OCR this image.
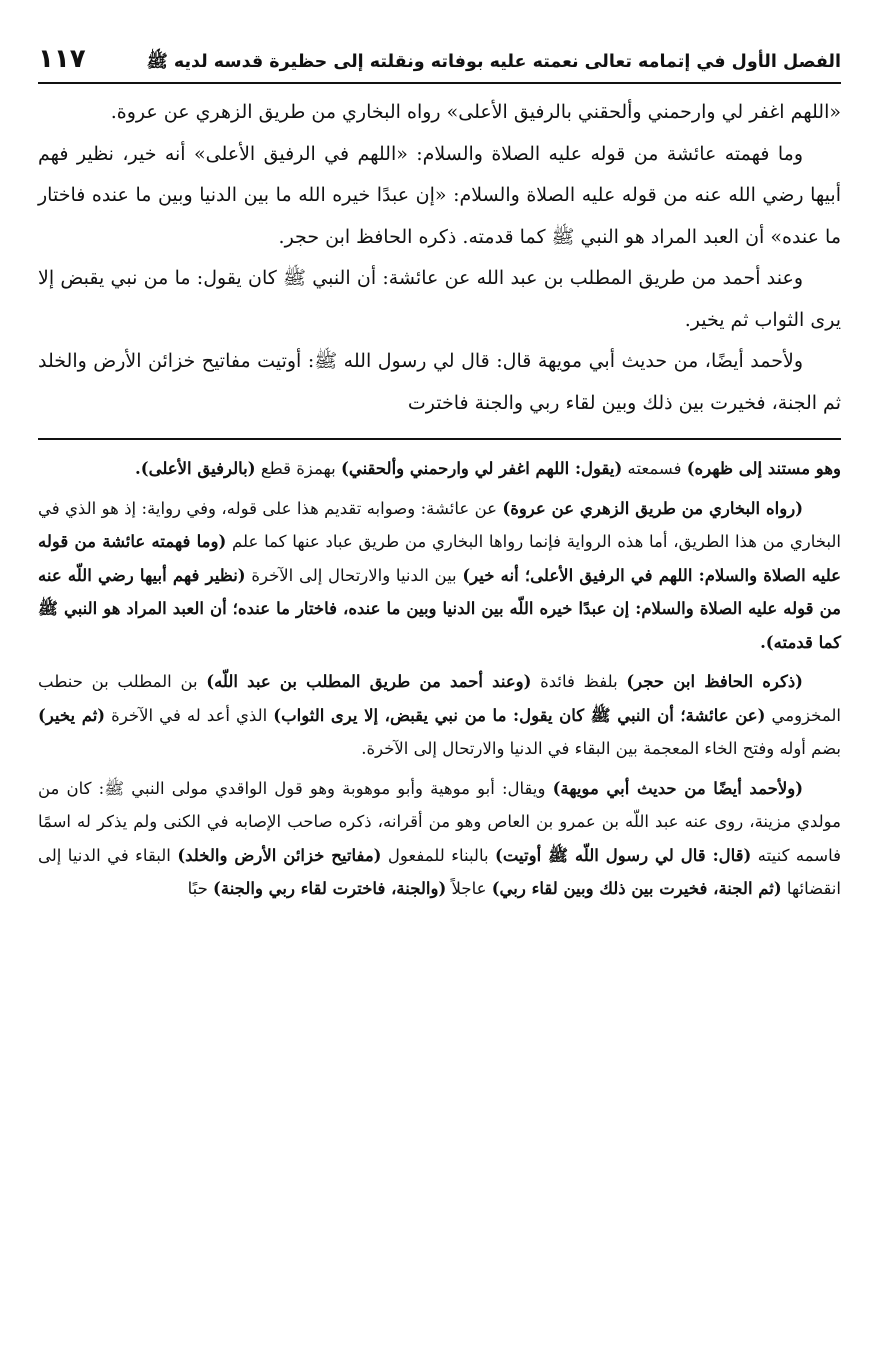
الفصل الأول في إتمامه تعالى نعمته عليه بوفاته ونقلته إلى حظيرة قدسه لديه ﷺ
١١٧

«اللهم اغفر لي وارحمني وألحقني بالرفيق الأعلى» رواه البخاري من طريق الزهري عن عروة.

وما فهمته عائشة من قوله عليه الصلاة والسلام: «اللهم في الرفيق الأعلى» أنه خير، نظير فهم أبيها رضي الله عنه من قوله عليه الصلاة والسلام: «إن عبدًا خيره الله ما بين الدنيا وبين ما عنده فاختار ما عنده» أن العبد المراد هو النبي ﷺ كما قدمته. ذكره الحافظ ابن حجر.

وعند أحمد من طريق المطلب بن عبد الله عن عائشة: أن النبي ﷺ كان يقول: ما من نبي يقبض إلا يرى الثواب ثم يخير.

ولأحمد أيضًا، من حديث أبي مويهة قال: قال لي رسول الله ﷺ: أوتيت مفاتيح خزائن الأرض والخلد ثم الجنة، فخيرت بين ذلك وبين لقاء ربي والجنة فاخترت

وهو مستند إلى ظهره) فسمعته (يقول: اللهم اغفر لي وارحمني وألحقني) بهمزة قطع (بالرفيق الأعلى).

(رواه البخاري من طريق الزهري عن عروة) عن عائشة: وصوابه تقديم هذا على قوله، وفي رواية: إذ هو الذي في البخاري من هذا الطريق، أما هذه الرواية فإنما رواها البخاري من طريق عباد عنها كما علم (وما فهمته عائشة من قوله عليه الصلاة والسلام: اللهم في الرفيق الأعلى؛ أنه خير) بين الدنيا والارتحال إلى الآخرة (نظير فهم أبيها رضي اللّه عنه من قوله عليه الصلاة والسلام: إن عبدًا خيره اللّه بين الدنيا وبين ما عنده، فاختار ما عنده؛ أن العبد المراد هو النبي ﷺ كما قدمته).

(ذكره الحافظ ابن حجر) بلفظ فائدة (وعند أحمد من طريق المطلب بن عبد اللّه) بن المطلب بن حنطب المخزومي (عن عائشة؛ أن النبي ﷺ كان يقول: ما من نبي يقبض، إلا يرى الثواب) الذي أعد له في الآخرة (ثم يخير) بضم أوله وفتح الخاء المعجمة بين البقاء في الدنيا والارتحال إلى الآخرة.

(ولأحمد أيضًا من حديث أبي مويهة) ويقال: أبو موهية وأبو موهوبة وهو قول الواقدي مولى النبي ﷺ: كان من مولدي مزينة، روى عنه عبد اللّه بن عمرو بن العاص وهو من أقرانه، ذكره صاحب الإصابه في الكنى ولم يذكر له اسمًا فاسمه كنيته (قال: قال لي رسول اللّه ﷺ أوتيت) بالبناء للمفعول (مفاتيح خزائن الأرض والخلد) البقاء في الدنيا إلى انقضائها (ثم الجنة، فخيرت بين ذلك وبين لقاء ربي) عاجلاً (والجنة، فاخترت لقاء ربي والجنة) حبًا
